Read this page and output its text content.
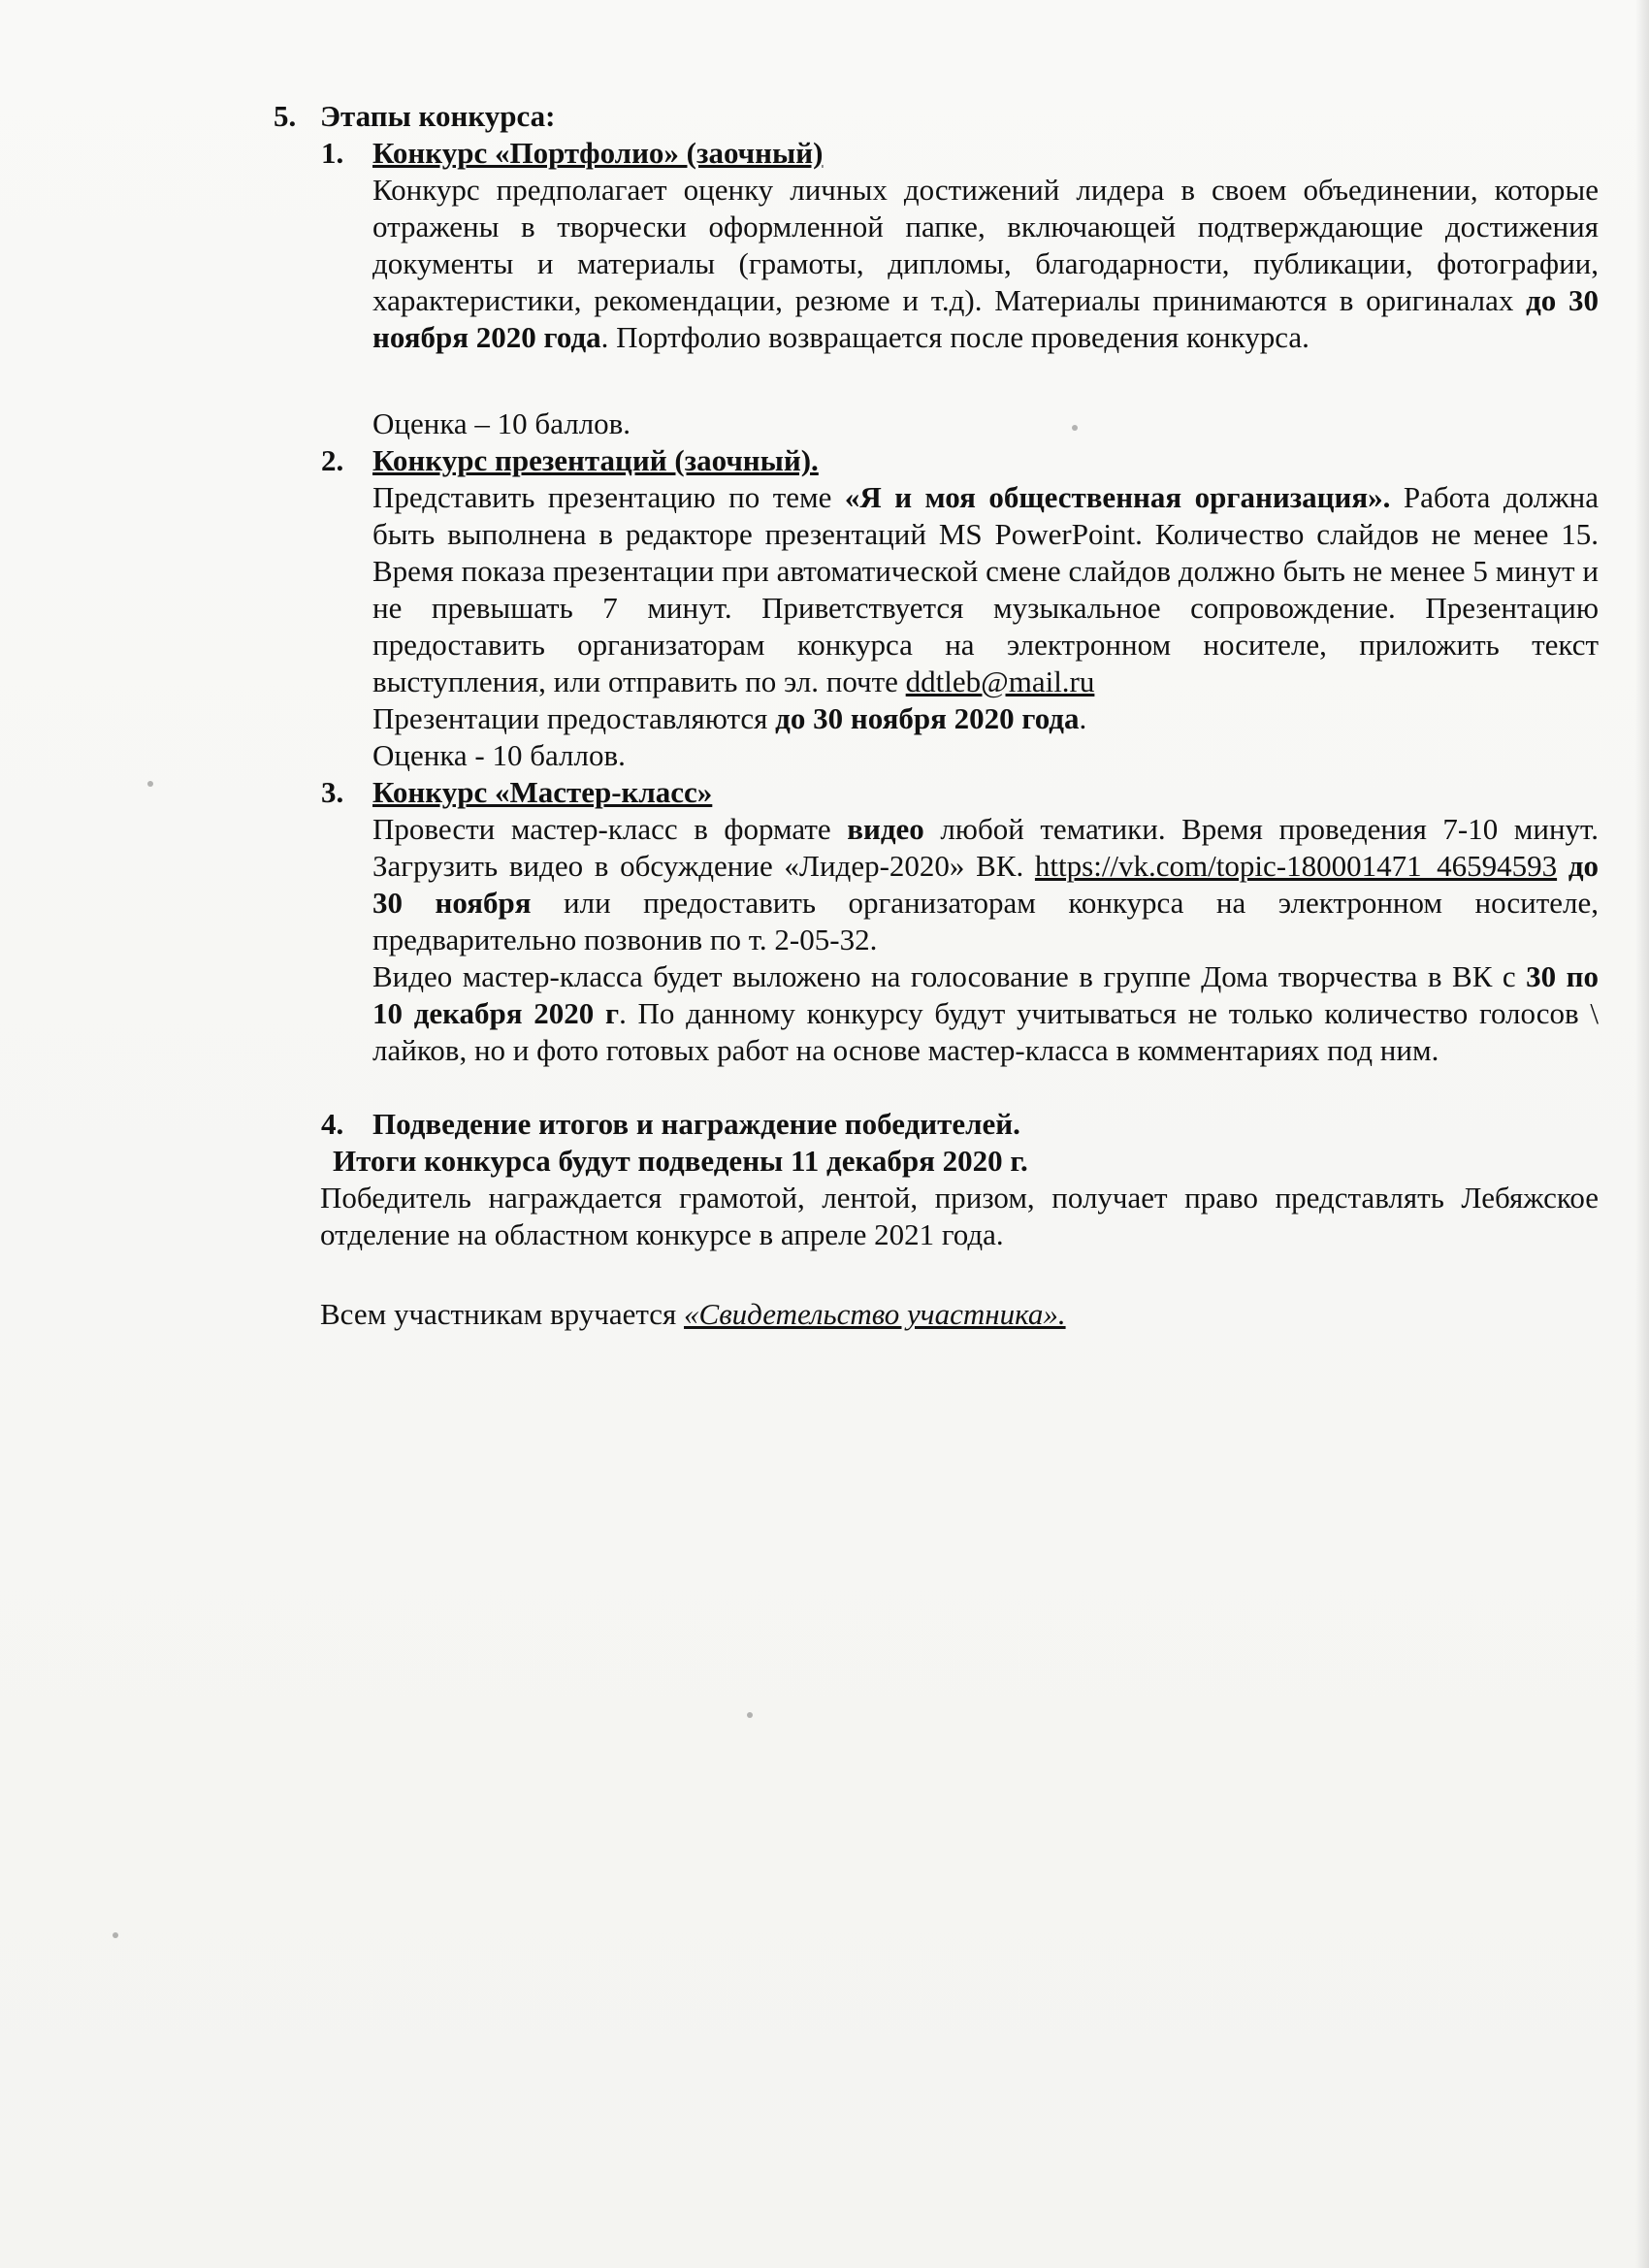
5. Этапы конкурса:
1. Конкурс «Портфолио» (заочный)
Конкурс предполагает оценку личных достижений лидера в своем объединении, которые отражены в творчески оформленной папке, включающей подтверждающие достижения документы и материалы (грамоты, дипломы, благодарности, публикации, фотографии, характеристики, рекомендации, резюме и т.д). Материалы принимаются в оригиналах до 30 ноября 2020 года. Портфолио возвращается после проведения конкурса.
Оценка – 10 баллов.
2. Конкурс презентаций (заочный).
Представить презентацию по теме «Я и моя общественная организация». Работа должна быть выполнена в редакторе презентаций MS PowerPoint. Количество слайдов не менее 15. Время показа презентации при автоматической смене слайдов должно быть не менее 5 минут и не превышать 7 минут. Приветствуется музыкальное сопровождение. Презентацию предоставить организаторам конкурса на электронном носителе, приложить текст выступления, или отправить по эл. почте ddtleb@mail.ru
Презентации предоставляются до 30 ноября 2020 года.
Оценка - 10 баллов.
3. Конкурс «Мастер-класс»
Провести мастер-класс в формате видео любой тематики. Время проведения 7-10 минут. Загрузить видео в обсуждение «Лидер-2020» ВК. https://vk.com/topic-180001471_46594593 до 30 ноября или предоставить организаторам конкурса на электронном носителе, предварительно позвонив по т. 2-05-32.
Видео мастер-класса будет выложено на голосование в группе Дома творчества в ВК с 30 по 10 декабря 2020 г. По данному конкурсу будут учитываться не только количество голосов \ лайков, но и фото готовых работ на основе мастер-класса в комментариях под ним.
4. Подведение итогов и награждение победителей.
Итоги конкурса будут подведены 11 декабря 2020 г.
Победитель награждается грамотой, лентой, призом, получает право представлять Лебяжское отделение на областном конкурсе в апреле 2021 года.
Всем участникам вручается «Свидетельство участника».
